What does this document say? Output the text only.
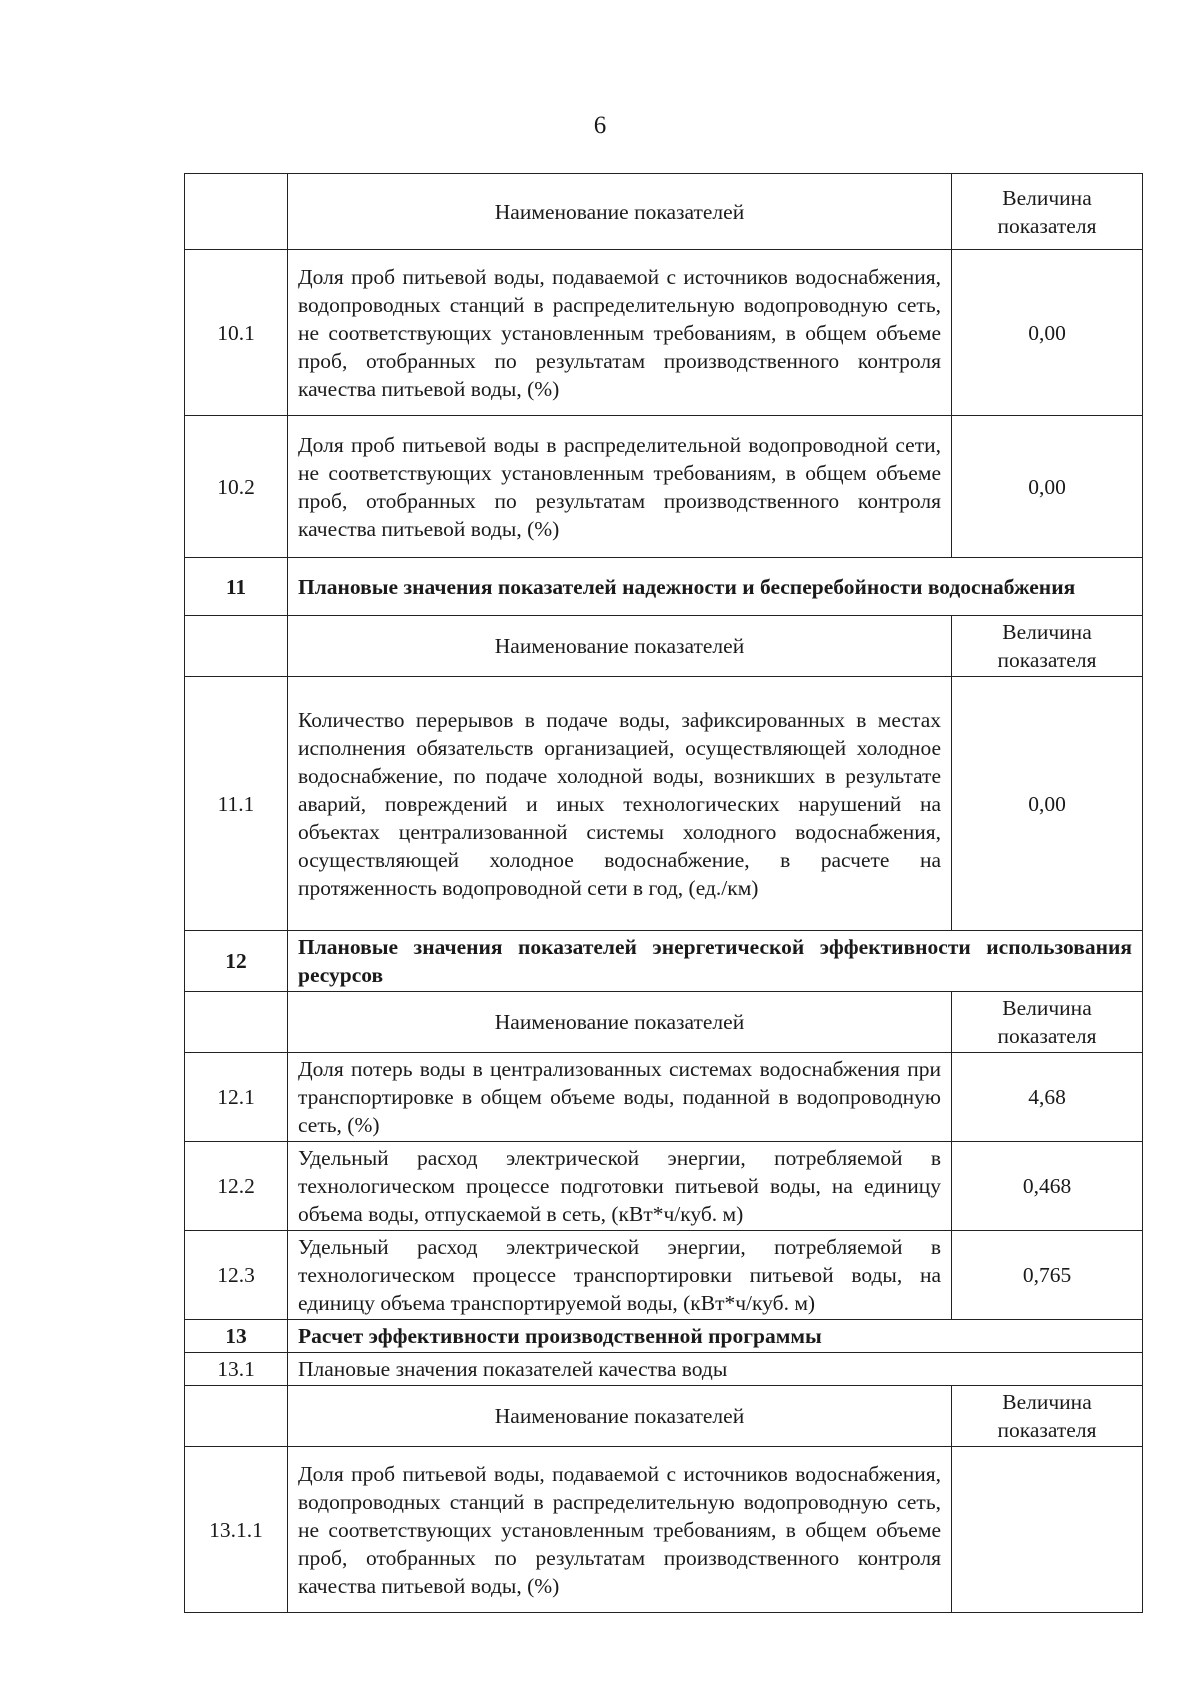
6
	Наименование показателей	Величина показателя
10.1	Доля проб питьевой воды, подаваемой с источников водоснабжения, водопроводных станций в распределительную водопроводную сеть, не соответствующих установленным требованиям, в общем объеме проб, отобранных по результатам производственного контроля качества питьевой воды, (%)	0,00
10.2	Доля проб питьевой воды в распределительной водопроводной сети, не соответствующих установленным требованиям, в общем объеме проб, отобранных по результатам производственного контроля качества питьевой воды, (%)	0,00
11	Плановые значения показателей надежности и бесперебойности водоснабжения	
	Наименование показателей	Величина показателя
11.1	Количество перерывов в подаче воды, зафиксированных в местах исполнения обязательств организацией, осуществляющей холодное водоснабжение, по подаче холодной воды, возникших в результате аварий, повреждений и иных технологических нарушений на объектах централизованной системы холодного водоснабжения, осуществляющей холодное водоснабжение, в расчете на протяженность водопроводной сети в год, (ед./км)	0,00
12	Плановые значения показателей энергетической эффективности использования ресурсов	
	Наименование показателей	Величина показателя
12.1	Доля потерь воды в централизованных системах водоснабжения при транспортировке в общем объеме воды, поданной в водопроводную сеть, (%)	4,68
12.2	Удельный расход электрической энергии, потребляемой в технологическом процессе подготовки питьевой воды, на единицу объема воды, отпускаемой в сеть, (кВт*ч/куб. м)	0,468
12.3	Удельный расход электрической энергии, потребляемой в технологическом процессе транспортировки питьевой воды, на единицу объема транспортируемой воды, (кВт*ч/куб. м)	0,765
13	Расчет эффективности производственной программы	
13.1	Плановые значения показателей качества воды	
	Наименование показателей	Величина показателя
13.1.1	Доля проб питьевой воды, подаваемой с источников водоснабжения, водопроводных станций в распределительную водопроводную сеть, не соответствующих установленным требованиям, в общем объеме проб, отобранных по результатам производственного контроля качества питьевой воды, (%)	
